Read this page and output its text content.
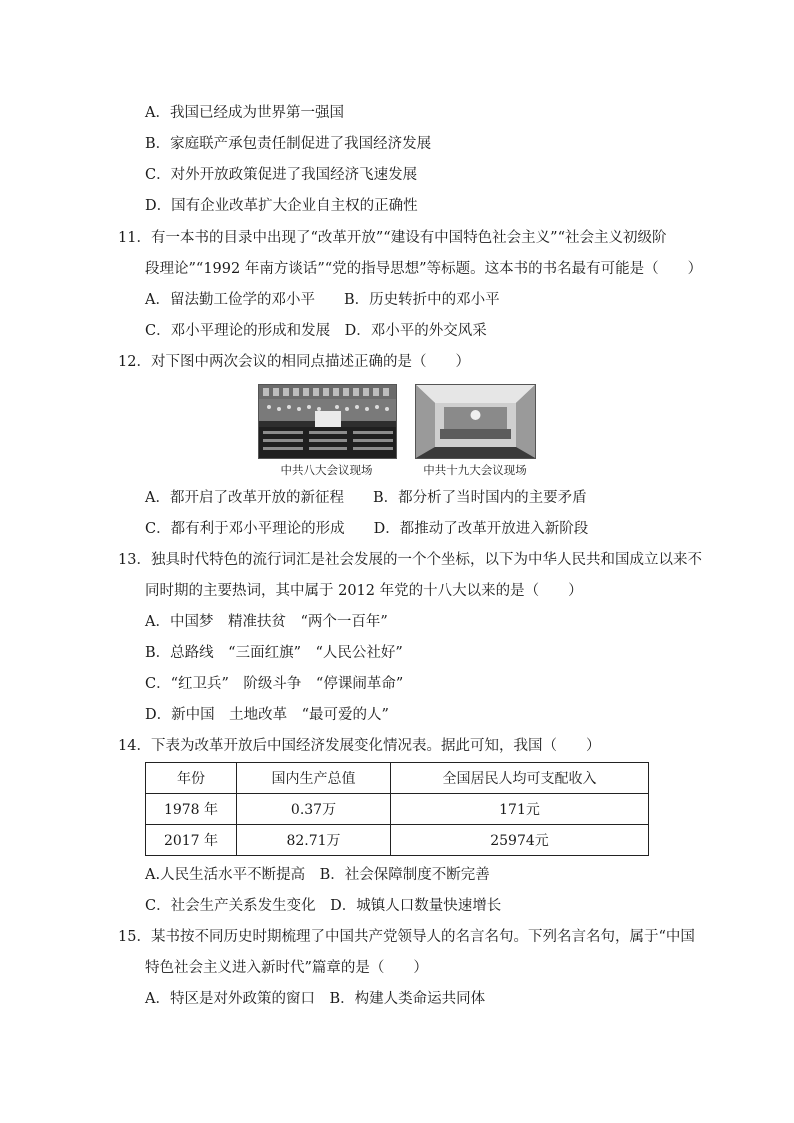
A．我国已经成为世界第一强国
B．家庭联产承包责任制促进了我国经济发展
C．对外开放政策促进了我国经济飞速发展
D．国有企业改革扩大企业自主权的正确性
11．有一本书的目录中出现了“改革开放”“建设有中国特色社会主义”“社会主义初级阶
段理论”“1992 年南方谈话”“党的指导思想”等标题。这本书的书名最有可能是（　　）
A．留法勤工俭学的邓小平　　B．历史转折中的邓小平
C．邓小平理论的形成和发展　D．邓小平的外交风采
12．对下图中两次会议的相同点描述正确的是（　　）
中共八大会议现场	中共十九大会议现场
A．都开启了改革开放的新征程　　B．都分析了当时国内的主要矛盾
C．都有利于邓小平理论的形成　　D．都推动了改革开放进入新阶段
13．独具时代特色的流行词汇是社会发展的一个个坐标，以下为中华人民共和国成立以来不
同时期的主要热词，其中属于 2012 年党的十八大以来的是（　　）
A．中国梦　精准扶贫　“两个一百年”
B．总路线　“三面红旗”　“人民公社好”
C．“红卫兵”　阶级斗争　“停课闹革命”
D．新中国　土地改革　“最可爱的人”
14．下表为改革开放后中国经济发展变化情况表。据此可知，我国（　　）
年份	国内生产总值	全国居民人均可支配收入
1978 年	0.37万	171元
2017 年	82.71万	25974元
A.人民生活水平不断提高　B．社会保障制度不断完善
C．社会生产关系发生变化　D．城镇人口数量快速增长
15．某书按不同历史时期梳理了中国共产党领导人的名言名句。下列名言名句，属于“中国
特色社会主义进入新时代”篇章的是（　　）
A．特区是对外政策的窗口　B．构建人类命运共同体
